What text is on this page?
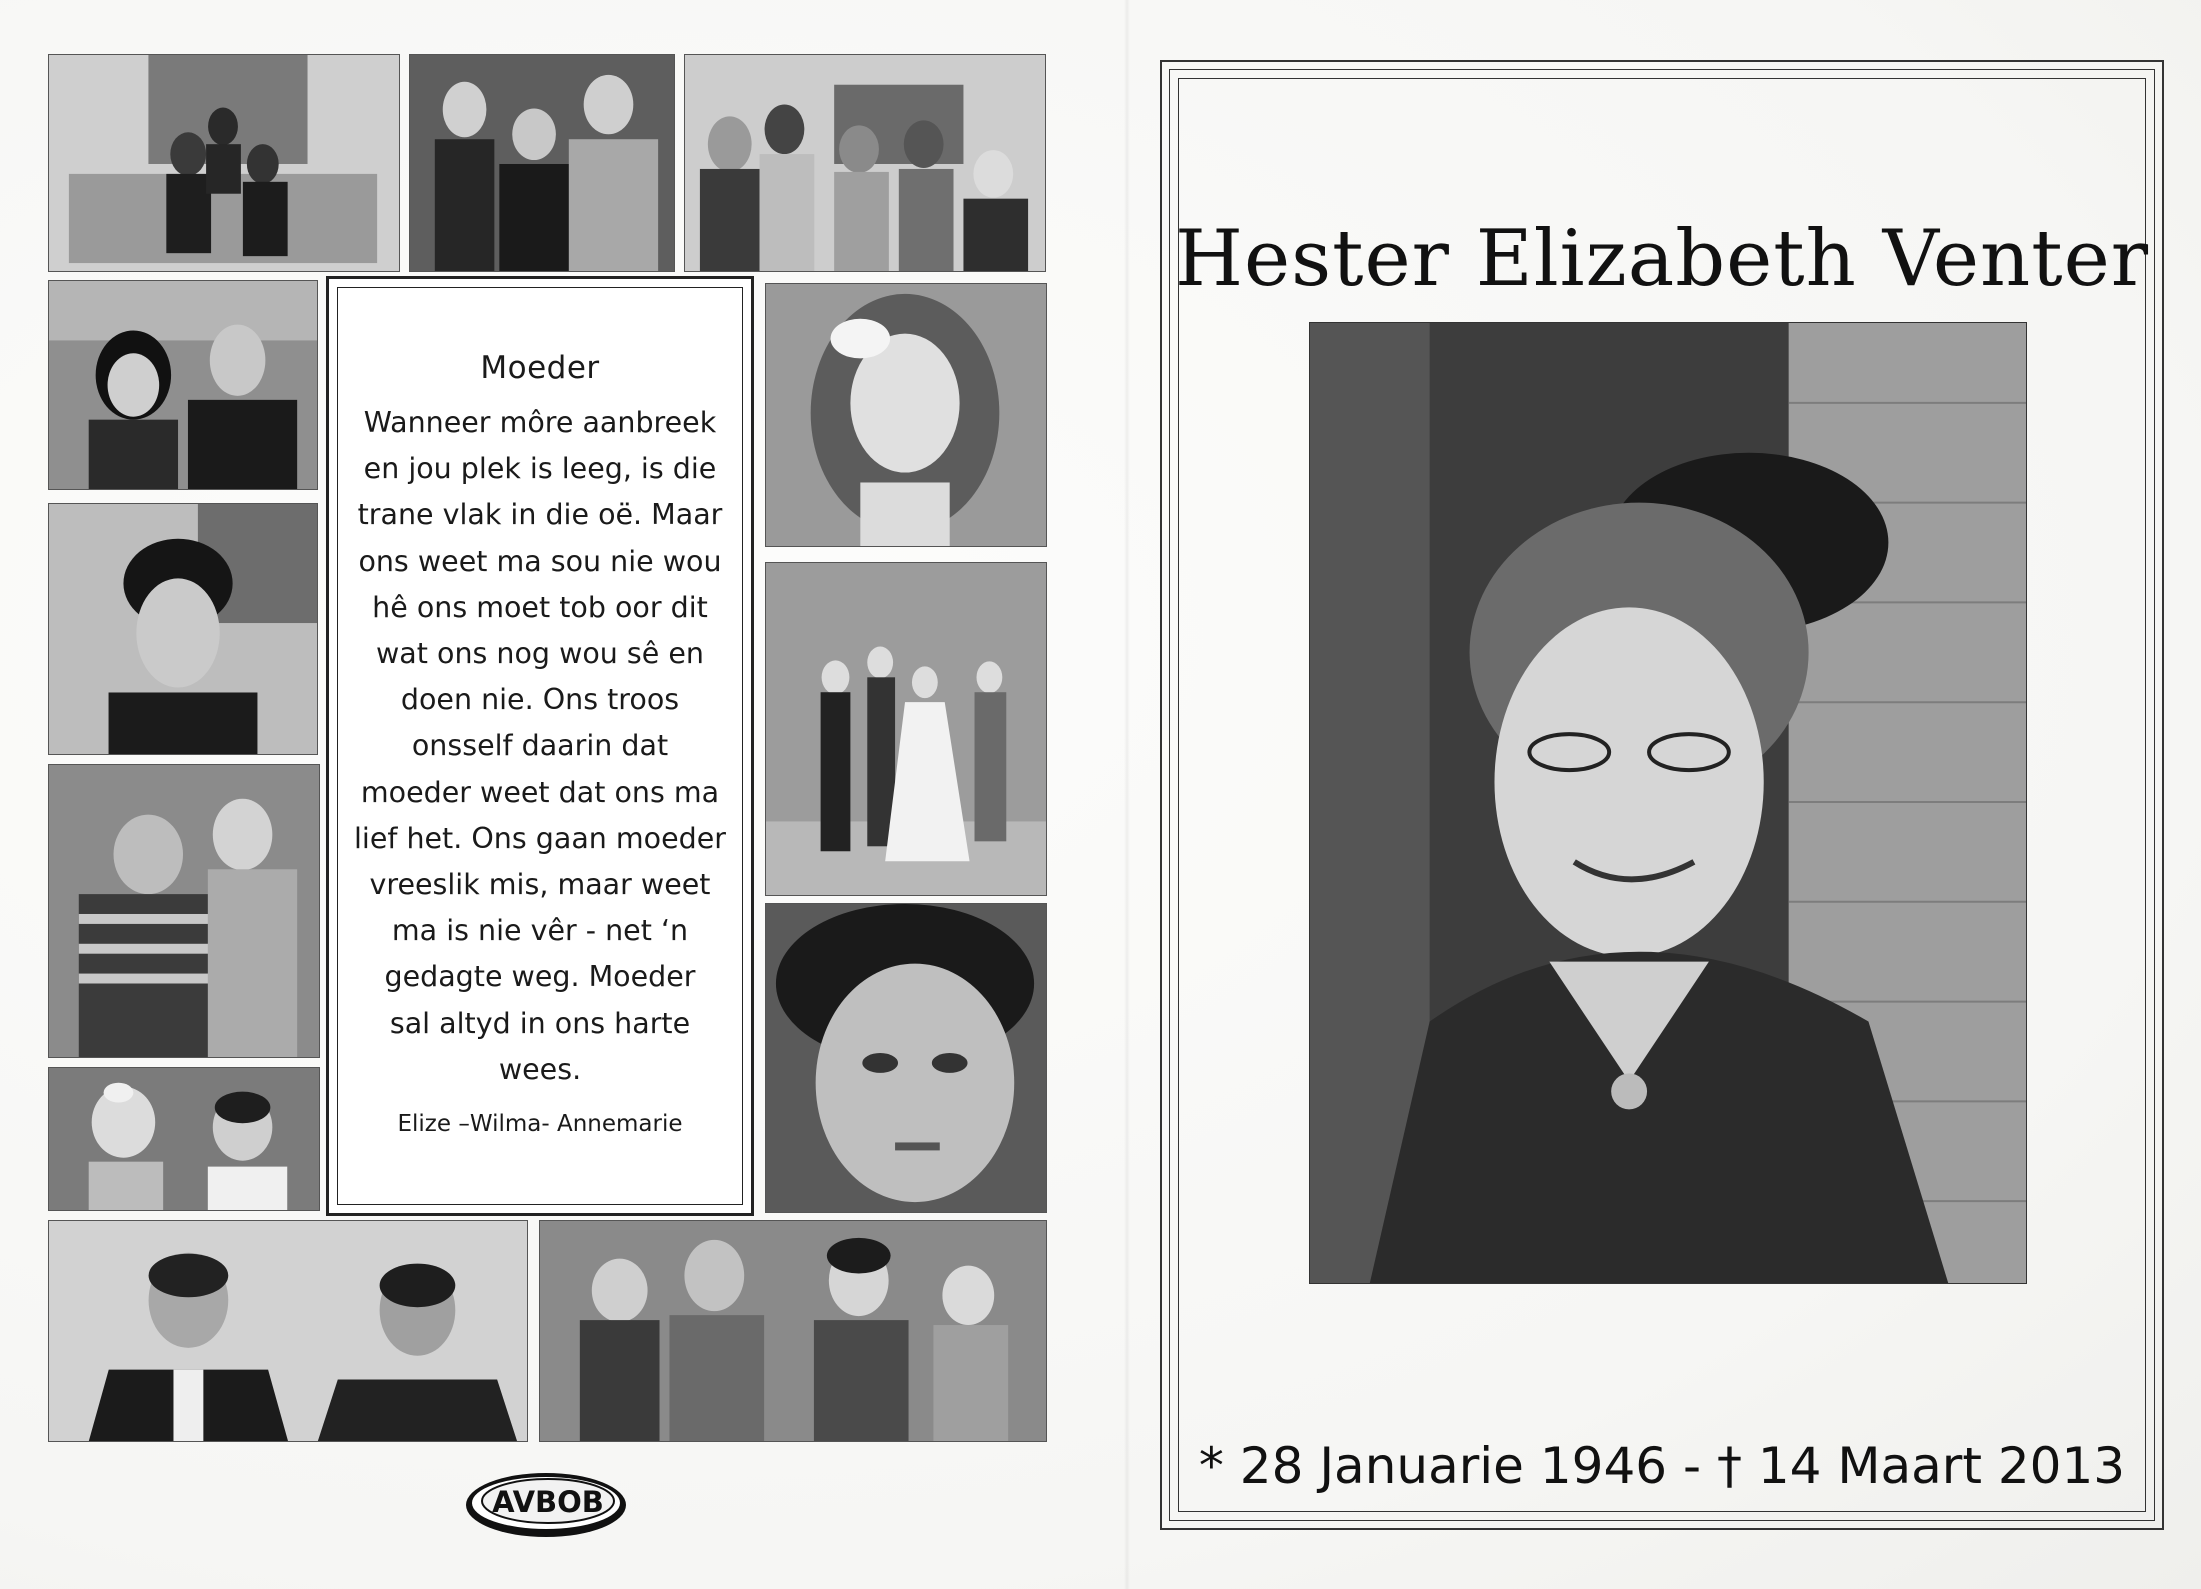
Moeder
Wanneer môre aanbreek
en jou plek is leeg, is die
trane vlak in die oë. Maar
ons weet ma sou nie wou
hê ons moet tob oor dit
wat ons nog wou sê en
doen nie. Ons troos
onsself daarin dat
moeder weet dat ons ma
lief het. Ons gaan moeder
vreeslik mis, maar weet
ma is nie vêr - net ‘n
gedagte weg. Moeder
sal altyd in ons harte
wees.
Elize –Wilma- Annemarie
AVBOB
Hester Elizabeth Venter
* 28 Januarie 1946 - † 14 Maart 2013
